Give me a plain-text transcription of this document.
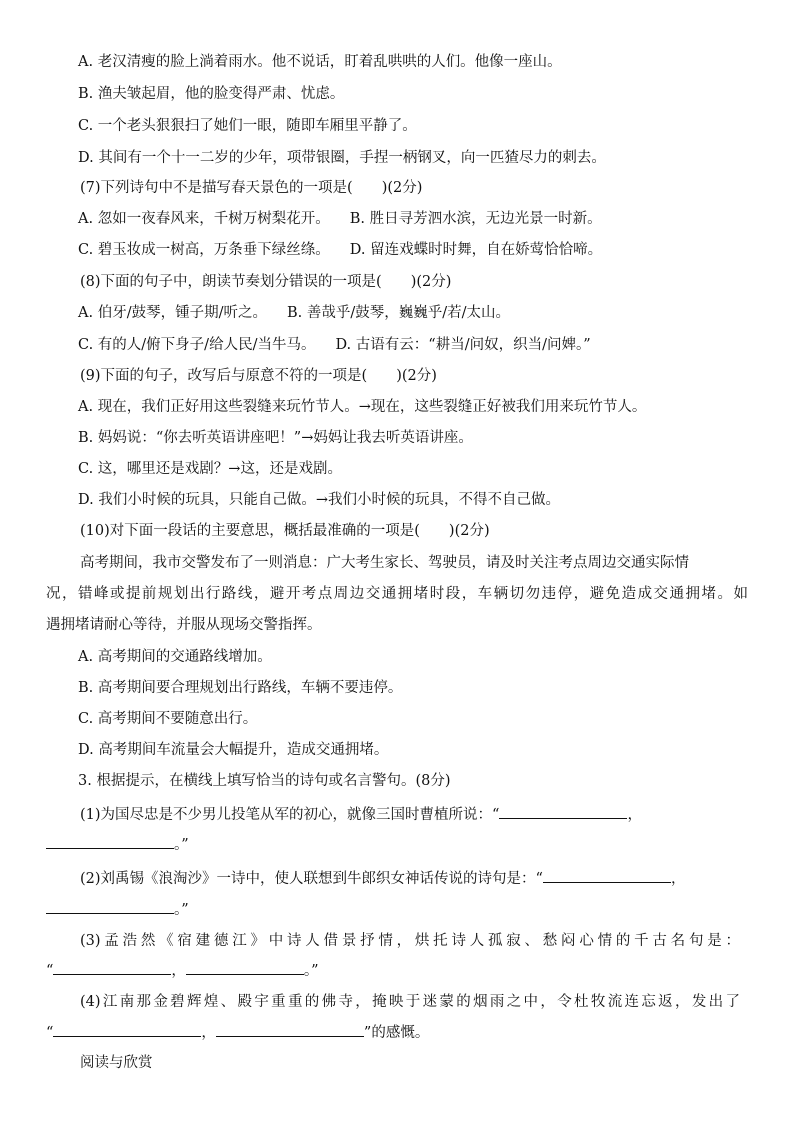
A. 老汉清瘦的脸上淌着雨水。他不说话，盯着乱哄哄的人们。他像一座山。
B. 渔夫皱起眉，他的脸变得严肃、忧虑。
C. 一个老头狠狠扫了她们一眼，随即车厢里平静了。
D. 其间有一个十一二岁的少年，项带银圈，手捏一柄钢叉，向一匹猹尽力的刺去。
(7)下列诗句中不是描写春天景色的一项是(　　)(2分)
A. 忽如一夜春风来，千树万树梨花开。 B. 胜日寻芳泗水滨，无边光景一时新。
C. 碧玉妆成一树高，万条垂下绿丝绦。 D. 留连戏蝶时时舞，自在娇莺恰恰啼。
(8)下面的句子中，朗读节奏划分错误的一项是(　　)(2分)
A. 伯牙/鼓琴，锺子期/听之。 B. 善哉乎/鼓琴，巍巍乎/若/太山。
C. 有的人/俯下身子/给人民/当牛马。 D. 古语有云：“耕当/问奴，织当/问婢。”
(9)下面的句子，改写后与原意不符的一项是(　　)(2分)
A. 现在，我们正好用这些裂缝来玩竹节人。→现在，这些裂缝正好被我们用来玩竹节人。
B. 妈妈说：“你去听英语讲座吧！”→妈妈让我去听英语讲座。
C. 这，哪里还是戏剧？→这，还是戏剧。
D. 我们小时候的玩具，只能自己做。→我们小时候的玩具，不得不自己做。
(10)对下面一段话的主要意思，概括最准确的一项是(　　)(2分)
高考期间，我市交警发布了一则消息：广大考生家长、驾驶员，请及时关注考点周边交通实际情
况，错峰或提前规划出行路线，避开考点周边交通拥堵时段，车辆切勿违停，避免造成交通拥堵。如
遇拥堵请耐心等待，并服从现场交警指挥。
A. 高考期间的交通路线增加。
B. 高考期间要合理规划出行路线，车辆不要违停。
C. 高考期间不要随意出行。
D. 高考期间车流量会大幅提升，造成交通拥堵。
3. 根据提示，在横线上填写恰当的诗句或名言警句。(8分)
(1)为国尽忠是不少男儿投笔从军的初心，就像三国时曹植所说：“	，
。”
(2)刘禹锡《浪淘沙》一诗中，使人联想到牛郎织女神话传说的诗句是：“	，
。”
(3)孟浩然《宿建德江》中诗人借景抒情，烘托诗人孤寂、愁闷心情的千古名句是：
“	，	。”
(4)江南那金碧辉煌、殿宇重重的佛寺，掩映于迷蒙的烟雨之中，令杜牧流连忘返，发出了
“	，	”的感慨。
阅读与欣赏
